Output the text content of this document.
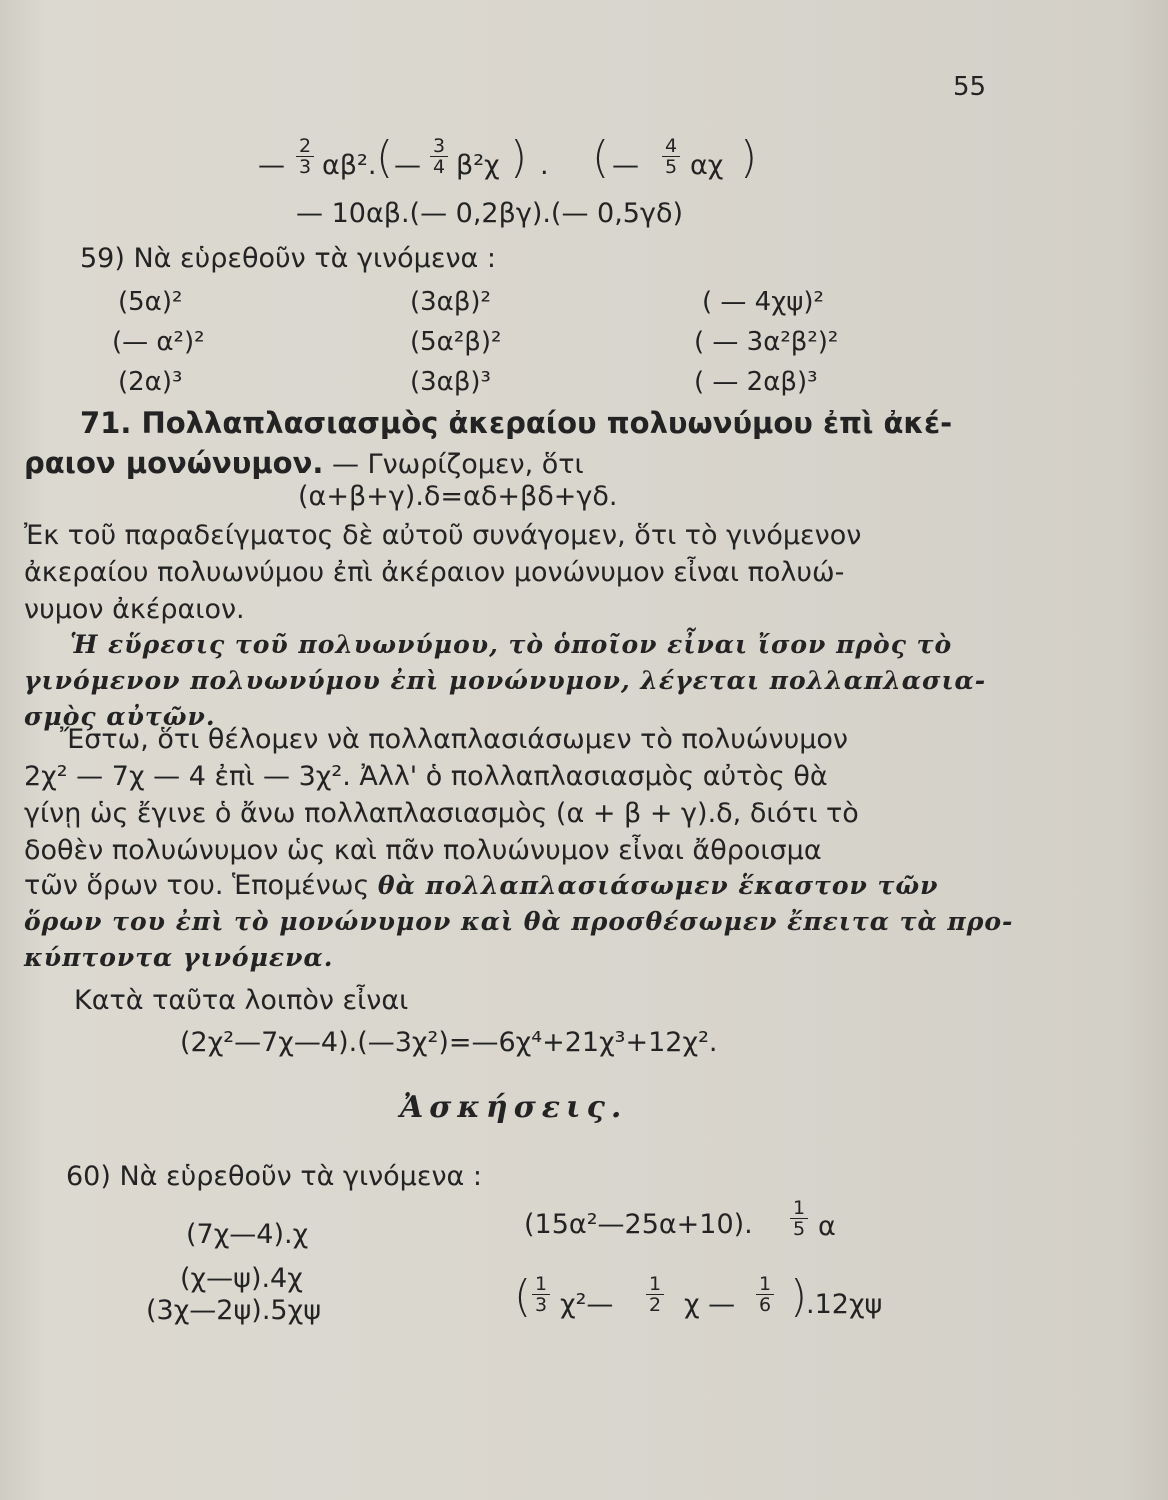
55
— $\frac{2}{3} \alpha\beta^2$. ( — $\frac{3}{4} \beta^2\chi$ ) . ( — $\frac{4}{5}$ αχ )
— 10αβ.(— 0,2βγ).(— 0,5γδ)
59) Νὰ εὑρεθοῦν τὰ γινόμενα :
(5α)²	(3αβ)²	( — 4χψ)²
(— α²)²	(5α²β)²	( — 3α²β²)²
(2α)³	(3αβ)³	( — 2αβ)³
71. Πολλαπλασιασμὸς ἀκεραίου πολυωνύμου ἐπὶ ἀκέ-
ραιον μονώνυμον. — Γνωρίζομεν, ὅτι
(α+β+γ).δ=αδ+βδ+γδ.
Ἐκ τοῦ παραδείγματος δὲ αὐτοῦ συνάγομεν, ὅτι τὸ γινόμενον
ἀκεραίου πολυωνύμου ἐπὶ ἀκέραιον μονώνυμον εἶναι πολυώ-
νυμον ἀκέραιον.
Ἡ εὕρεσις τοῦ πολυωνύμου, τὸ ὁποῖον εἶναι ἴσον πρὸς τὸ
γινόμενον πολυωνύμου ἐπὶ μονώνυμον, λέγεται πολλαπλασια-
σμὸς αὐτῶν.
Ἔστω, ὅτι θέλομεν νὰ πολλαπλασιάσωμεν τὸ πολυώνυμον
2χ² — 7χ — 4 ἐπὶ — 3χ². Ἀλλ' ὁ πολλαπλασιασμὸς αὐτὸς θὰ
γίνῃ ὡς ἔγινε ὁ ἄνω πολλαπλασιασμὸς (α + β + γ).δ, διότι τὸ
δοθὲν πολυώνυμον ὡς καὶ πᾶν πολυώνυμον εἶναι ἄθροισμα
τῶν ὅρων του. Ἑπομένως θὰ πολλαπλασιάσωμεν ἕκαστον τῶν
ὅρων του ἐπὶ τὸ μονώνυμον καὶ θὰ προσθέσωμεν ἔπειτα τὰ προ-
κύπτοντα γινόμενα.
Κατὰ ταῦτα λοιπὸν εἶναι
(2χ²—7χ—4).(—3χ²)=—6χ⁴+21χ³+12χ².
Ἀσκήσεις.
60) Νὰ εὑρεθοῦν τὰ γινόμενα :
(7χ—4).χ
(χ—ψ).4χ
(3χ—2ψ).5χψ
(15α²—25α+10). $\frac{1}{5}$ α
( $\frac{1}{3}$ χ²— $\frac{1}{2}$ χ — $\frac{1}{6}$ )
.12χψ
